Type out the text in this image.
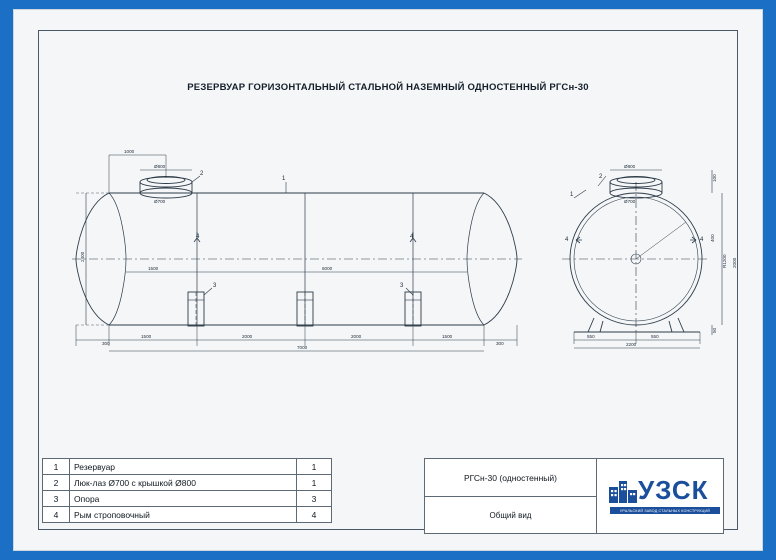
РЕЗЕРВУАР ГОРИЗОНТАЛЬНЫЙ СТАЛЬНОЙ НАЗЕМНЫЙ ОДНОСТЕННЫЙ РГСн-30
1000
Ø800
Ø700
2400
1500	6000
300
1500	2000	2000	1500
300
7000
Ø800
Ø700
100
400
R1200 2000
50
550	550
2200
1
2
3	3
4	4
2
1
4	4
1	Резервуар	1
2	Люк-лаз Ø700 с крышкой Ø800	1
3	Опора	3
4	Рым строповочный	4
РГСн-30 (одностенный)
Общий вид
УЗСК
УРАЛЬСКИЙ ЗАВОД СТАЛЬНЫХ КОНСТРУКЦИЙ
